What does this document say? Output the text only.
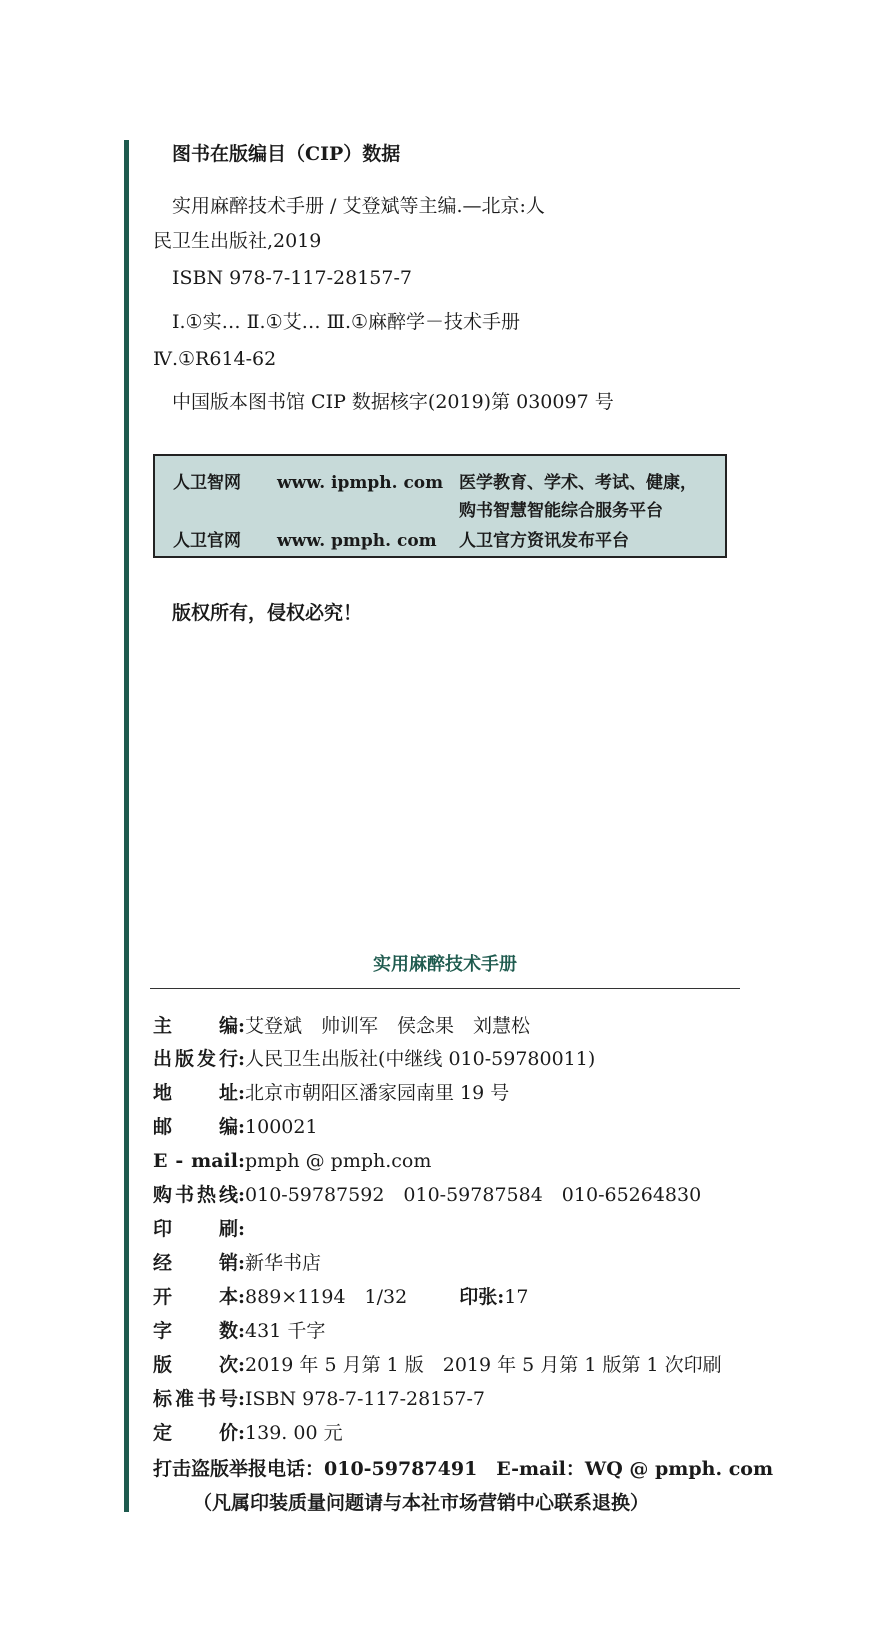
图书在版编目（CIP）数据
实用麻醉技术手册 / 艾登斌等主编.—北京:人
民卫生出版社,2019
ISBN 978-7-117-28157-7
Ⅰ.①实… Ⅱ.①艾… Ⅲ.①麻醉学－技术手册
Ⅳ.①R614-62
中国版本图书馆 CIP 数据核字(2019)第 030097 号
人卫智网 www. ipmph. com 医学教育、学术、考试、健康，
购书智慧智能综合服务平台
人卫官网 www. pmph. com 人卫官方资讯发布平台
版权所有，侵权必究！
实用麻醉技术手册
主编:艾登斌　帅训军　侯念果　刘慧松
出版发行:人民卫生出版社(中继线 010-59780011)
地址:北京市朝阳区潘家园南里 19 号
邮编:100021
E - mail:pmph @ pmph.com
购书热线:010-59787592　010-59787584　010-65264830
印刷:
经销:新华书店
开本:889×1194　1/32	印张:17
字数:431 千字
版次:2019 年 5 月第 1 版　2019 年 5 月第 1 版第 1 次印刷
标准书号:ISBN 978-7-117-28157-7
定价:139. 00 元
打击盗版举报电话：010-59787491　E-mail：WQ @ pmph. com
（凡属印装质量问题请与本社市场营销中心联系退换）
